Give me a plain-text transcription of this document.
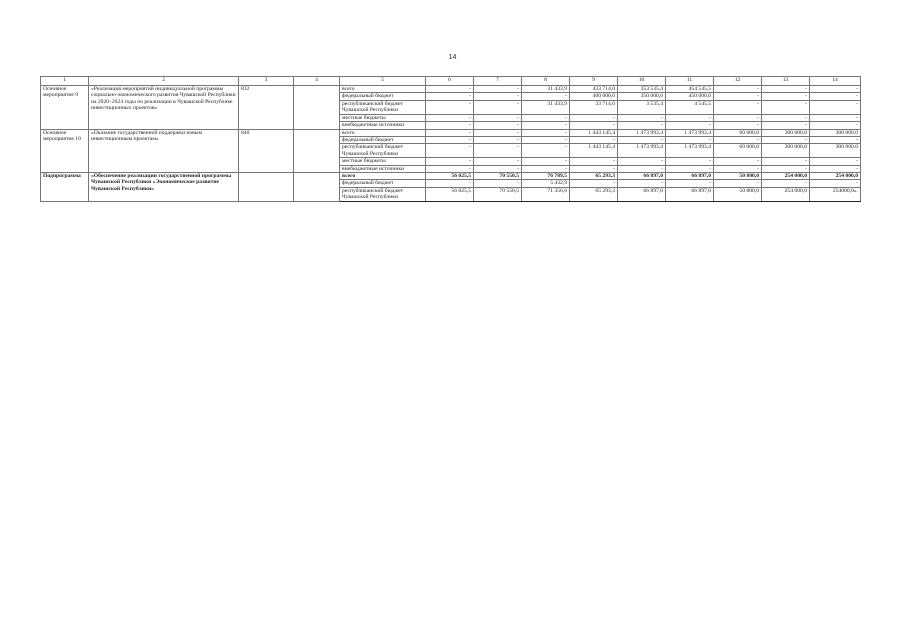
14
1	2	3	4	5	6	7	8	9	10	11	12	13	14
Основное мероприятие 9	«Реализация мероприятий индивидуальной программы социально-экономического развития Чувашской Республики на 2020–2024 годы по реализации в Чувашской Республике инвестиционных проектов»	832		всего	-	-	31 433,9	433 714,0	353 535,4	454 545,5	-	-	-
				федеральный бюджет	-	-	-	400 000,0	350 000,0	450 000,0	-	-	-
				республиканский бюджет Чувашской Республики	-	-	31 433,9	33 714,0	3 535,4	4 545,5	-	-	-
				местные бюджеты	-	-	-	-	-	-	-	-	-
				внебюджетные источники	-	-	-	-	-	-	-	-	-
Основное мероприятие 10	«Оказание государственной поддержки новым инвестиционным проектам»	840		всего	-	-	-	1 443 145,4	1 473 993,4	1 473 993,4	60 000,0	300 000,0	300 000,0
				федеральный бюджет	-	-	-	-	-	-	-	-	-
				республиканский бюджет Чувашской Республики	-	-	-	1 443 145,4	1 473 993,4	1 473 993,4	60 000,0	300 000,0	300 000,0
				местные бюджеты	-	-	-	-	-	-	-	-	-
				внебюджетные источники	-	-	-	-	-	-	-	-	-
Подпрограмма	«Обеспечение реализации государственной программы Чувашской Республики «Экономическое развитие Чувашской Республики»			всего	56 025,5	70 550,5	76 789,5	65 293,3	66 897,0	66 897,0	50 800,0	254 000,0	254 000,0
				федеральный бюджет	-	-	5 432,9	-	-	-	-	-	-
				республиканский бюджет Чувашской Республики	56 025,5	70 550,5	71 356,6	65 293,3	66 897,0	66 897,0	50 800,0	254 000,0	254000,0».
